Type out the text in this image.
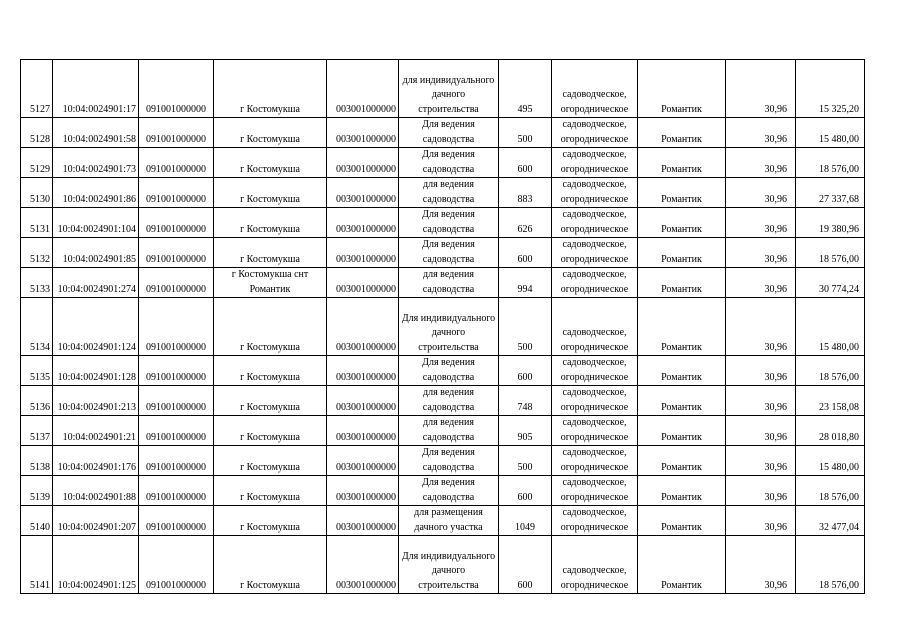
5127	10:04:0024901:17	091001000000	г Костомукша	003001000000	для индивидуального дачного строительства	495	садоводческое, огородническое	Романтик	30,96	15 325,20
5128	10:04:0024901:58	091001000000	г Костомукша	003001000000	Для ведения садоводства	500	садоводческое, огородническое	Романтик	30,96	15 480,00
5129	10:04:0024901:73	091001000000	г Костомукша	003001000000	Для ведения садоводства	600	садоводческое, огородническое	Романтик	30,96	18 576,00
5130	10:04:0024901:86	091001000000	г Костомукша	003001000000	для ведения садоводства	883	садоводческое, огородническое	Романтик	30,96	27 337,68
5131	10:04:0024901:104	091001000000	г Костомукша	003001000000	Для ведения садоводства	626	садоводческое, огородническое	Романтик	30,96	19 380,96
5132	10:04:0024901:85	091001000000	г Костомукша	003001000000	Для ведения садоводства	600	садоводческое, огородническое	Романтик	30,96	18 576,00
5133	10:04:0024901:274	091001000000	г Костомукша снт Романтик	003001000000	для ведения садоводства	994	садоводческое, огородническое	Романтик	30,96	30 774,24
5134	10:04:0024901:124	091001000000	г Костомукша	003001000000	Для индивидуального дачного строительства	500	садоводческое, огородническое	Романтик	30,96	15 480,00
5135	10:04:0024901:128	091001000000	г Костомукша	003001000000	Для ведения садоводства	600	садоводческое, огородническое	Романтик	30,96	18 576,00
5136	10:04:0024901:213	091001000000	г Костомукша	003001000000	для ведения садоводства	748	садоводческое, огородническое	Романтик	30,96	23 158,08
5137	10:04:0024901:21	091001000000	г Костомукша	003001000000	для ведения садоводства	905	садоводческое, огородническое	Романтик	30,96	28 018,80
5138	10:04:0024901:176	091001000000	г Костомукша	003001000000	Для ведения садоводства	500	садоводческое, огородническое	Романтик	30,96	15 480,00
5139	10:04:0024901:88	091001000000	г Костомукша	003001000000	Для ведения садоводства	600	садоводческое, огородническое	Романтик	30,96	18 576,00
5140	10:04:0024901:207	091001000000	г Костомукша	003001000000	для размещения дачного участка	1049	садоводческое, огородническое	Романтик	30,96	32 477,04
5141	10:04:0024901:125	091001000000	г Костомукша	003001000000	Для индивидуального дачного строительства	600	садоводческое, огородническое	Романтик	30,96	18 576,00
